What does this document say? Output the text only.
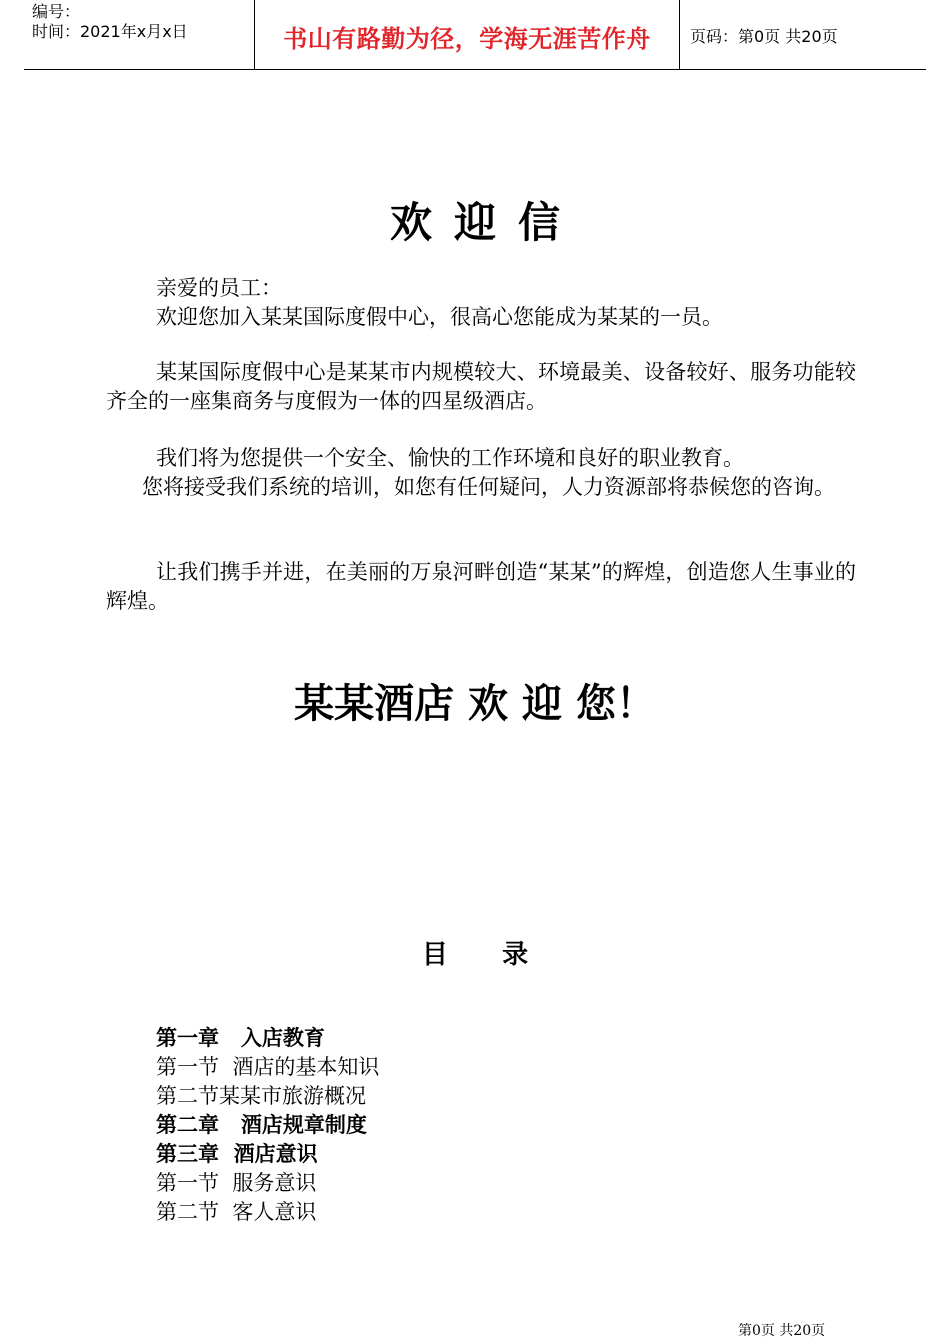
编号：
时间：2021年x月x日	书山有路勤为径，学海无涯苦作舟	页码：第0页 共20页
欢迎信
亲爱的员工：
欢迎您加入某某国际度假中心，很高心您能成为某某的一员。
某某国际度假中心是某某市内规模较大、环境最美、设备较好、服务功能较齐全的一座集商务与度假为一体的四星级酒店。
我们将为您提供一个安全、愉快的工作环境和良好的职业教育。
您将接受我们系统的培训，如您有任何疑问，人力资源部将恭候您的咨询。
让我们携手并进，在美丽的万泉河畔创造“某某”的辉煌，创造您人生事业的辉煌。
某某酒店 欢 迎 您！
目      录
第一章   入店教育
第一节  酒店的基本知识
第二节某某市旅游概况
第二章   酒店规章制度
第三章  酒店意识
第一节  服务意识
第二节  客人意识
第0页 共20页
